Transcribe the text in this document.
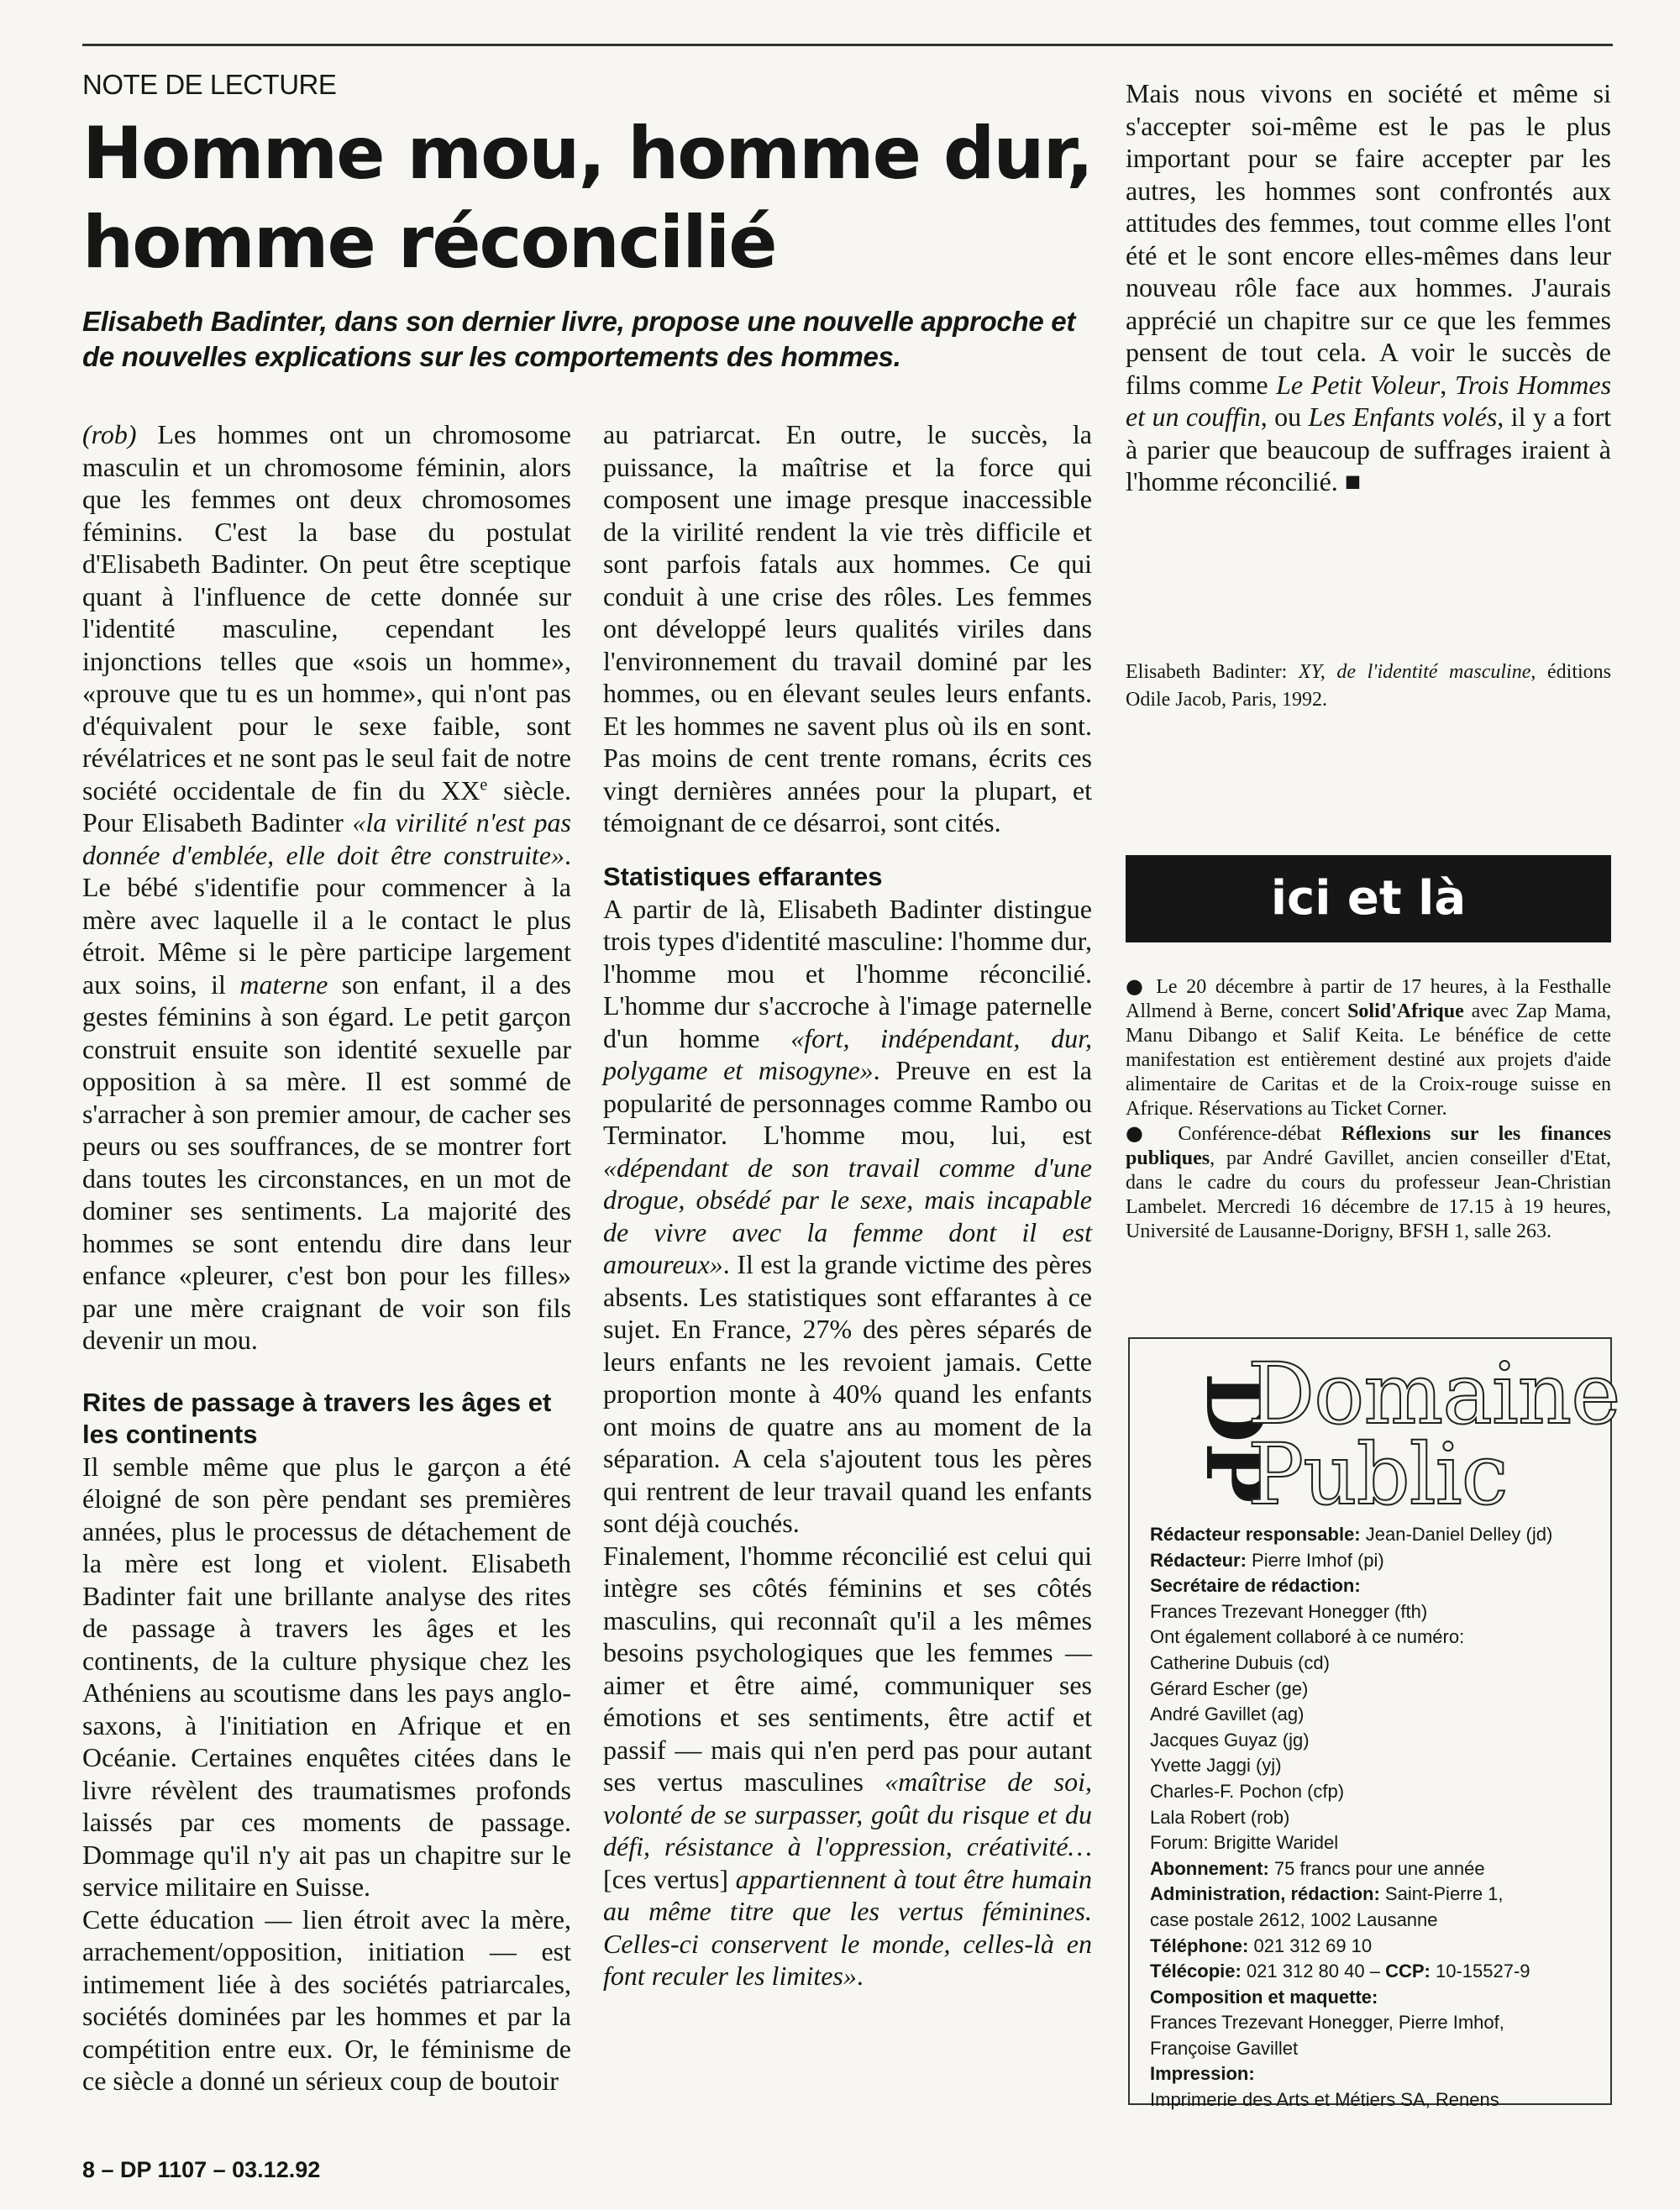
NOTE DE LECTURE
Homme mou, homme dur,
homme réconcilié

Elisabeth Badinter, dans son dernier livre, propose une nouvelle approche et de nouvelles explications sur les comportements des hommes.

(rob) Les hommes ont un chromosome masculin et un chromosome féminin, alors que les femmes ont deux chromosomes féminins. C'est la base du postulat d'Elisabeth Badinter. On peut être sceptique quant à l'influence de cette donnée sur l'identité masculine, cependant les injonctions telles que «sois un homme», «prouve que tu es un homme», qui n'ont pas d'équivalent pour le sexe faible, sont révélatrices et ne sont pas le seul fait de notre société occidentale de fin du XXe siècle. Pour Elisabeth Badinter «la virilité n'est pas donnée d'emblée, elle doit être construite». Le bébé s'identifie pour commencer à la mère avec laquelle il a le contact le plus étroit. Même si le père participe largement aux soins, il materne son enfant, il a des gestes féminins à son égard. Le petit garçon construit ensuite son identité sexuelle par opposition à sa mère. Il est sommé de s'arracher à son premier amour, de cacher ses peurs ou ses souffrances, de se montrer fort dans toutes les circonstances, en un mot de dominer ses sentiments. La majorité des hommes se sont entendu dire dans leur enfance «pleurer, c'est bon pour les filles» par une mère craignant de voir son fils devenir un mou.

Rites de passage à travers les âges et les continents

Il semble même que plus le garçon a été éloigné de son père pendant ses premières années, plus le processus de détachement de la mère est long et violent. Elisabeth Badinter fait une brillante analyse des rites de passage à travers les âges et les continents, de la culture physique chez les Athéniens au scoutisme dans les pays anglo-saxons, à l'initiation en Afrique et en Océanie. Certaines enquêtes citées dans le livre révèlent des traumatismes profonds laissés par ces moments de passage. Dommage qu'il n'y ait pas un chapitre sur le service militaire en Suisse.

Cette éducation — lien étroit avec la mère, arrachement/opposition, initiation — est intimement liée à des sociétés patriarcales, sociétés dominées par les hommes et par la compétition entre eux. Or, le féminisme de ce siècle a donné un sérieux coup de boutoir

au patriarcat. En outre, le succès, la puissance, la maîtrise et la force qui composent une image presque inaccessible de la virilité rendent la vie très difficile et sont parfois fatals aux hommes. Ce qui conduit à une crise des rôles. Les femmes ont développé leurs qualités viriles dans l'environnement du travail dominé par les hommes, ou en élevant seules leurs enfants. Et les hommes ne savent plus où ils en sont. Pas moins de cent trente romans, écrits ces vingt dernières années pour la plupart, et témoignant de ce désarroi, sont cités.

Statistiques effarantes

A partir de là, Elisabeth Badinter distingue trois types d'identité masculine: l'homme dur, l'homme mou et l'homme réconcilié. L'homme dur s'accroche à l'image paternelle d'un homme «fort, indépendant, dur, polygame et misogyne». Preuve en est la popularité de personnages comme Rambo ou Terminator. L'homme mou, lui, est «dépendant de son travail comme d'une drogue, obsédé par le sexe, mais incapable de vivre avec la femme dont il est amoureux». Il est la grande victime des pères absents. Les statistiques sont effarantes à ce sujet. En France, 27% des pères séparés de leurs enfants ne les revoient jamais. Cette proportion monte à 40% quand les enfants ont moins de quatre ans au moment de la séparation. A cela s'ajoutent tous les pères qui rentrent de leur travail quand les enfants sont déjà couchés.

Finalement, l'homme réconcilié est celui qui intègre ses côtés féminins et ses côtés masculins, qui reconnaît qu'il a les mêmes besoins psychologiques que les femmes — aimer et être aimé, communiquer ses émotions et ses sentiments, être actif et passif — mais qui n'en perd pas pour autant ses vertus masculines «maîtrise de soi, volonté de se surpasser, goût du risque et du défi, résistance à l'oppression, créativité… [ces vertus] appartiennent à tout être humain au même titre que les vertus féminines. Celles-ci conservent le monde, celles-là en font reculer les limites».

Mais nous vivons en société et même si s'accepter soi-même est le pas le plus important pour se faire accepter par les autres, les hommes sont confrontés aux attitudes des femmes, tout comme elles l'ont été et le sont encore elles-mêmes dans leur nouveau rôle face aux hommes. J'aurais apprécié un chapitre sur ce que les femmes pensent de tout cela. A voir le succès de films comme Le Petit Voleur, Trois Hommes et un couffin, ou Les Enfants volés, il y a fort à parier que beaucoup de suffrages iraient à l'homme réconcilié. ■

Elisabeth Badinter: XY, de l'identité masculine, éditions Odile Jacob, Paris, 1992.
ici et là

● Le 20 décembre à partir de 17 heures, à la Festhalle Allmend à Berne, concert Solid'Afrique avec Zap Mama, Manu Dibango et Salif Keita. Le bénéfice de cette manifestation est entièrement destiné aux projets d'aide alimentaire de Caritas et de la Croix-rouge suisse en Afrique. Réservations au Ticket Corner.

● Conférence-débat Réflexions sur les finances publiques, par André Gavillet, ancien conseiller d'Etat, dans le cadre du cours du professeur Jean-Christian Lambelet. Mercredi 16 décembre de 17.15 à 19 heures, Université de Lausanne-Dorigny, BFSH 1, salle 263.

DP
Domaine
Public
Rédacteur responsable: Jean-Daniel Delley (jd)
Rédacteur: Pierre Imhof (pi)
Secrétaire de rédaction:
Frances Trezevant Honegger (fth)
Ont également collaboré à ce numéro:
Catherine Dubuis (cd)
Gérard Escher (ge)
André Gavillet (ag)
Jacques Guyaz (jg)
Yvette Jaggi (yj)
Charles-F. Pochon (cfp)
Lala Robert (rob)
Forum: Brigitte Waridel
Abonnement: 75 francs pour une année
Administration, rédaction: Saint-Pierre 1,
case postale 2612, 1002 Lausanne
Téléphone: 021 312 69 10
Télécopie: 021 312 80 40 – CCP: 10-15527-9
Composition et maquette:
Frances Trezevant Honegger, Pierre Imhof,
Françoise Gavillet
Impression:
Imprimerie des Arts et Métiers SA, Renens
8 – DP 1107 – 03.12.92
